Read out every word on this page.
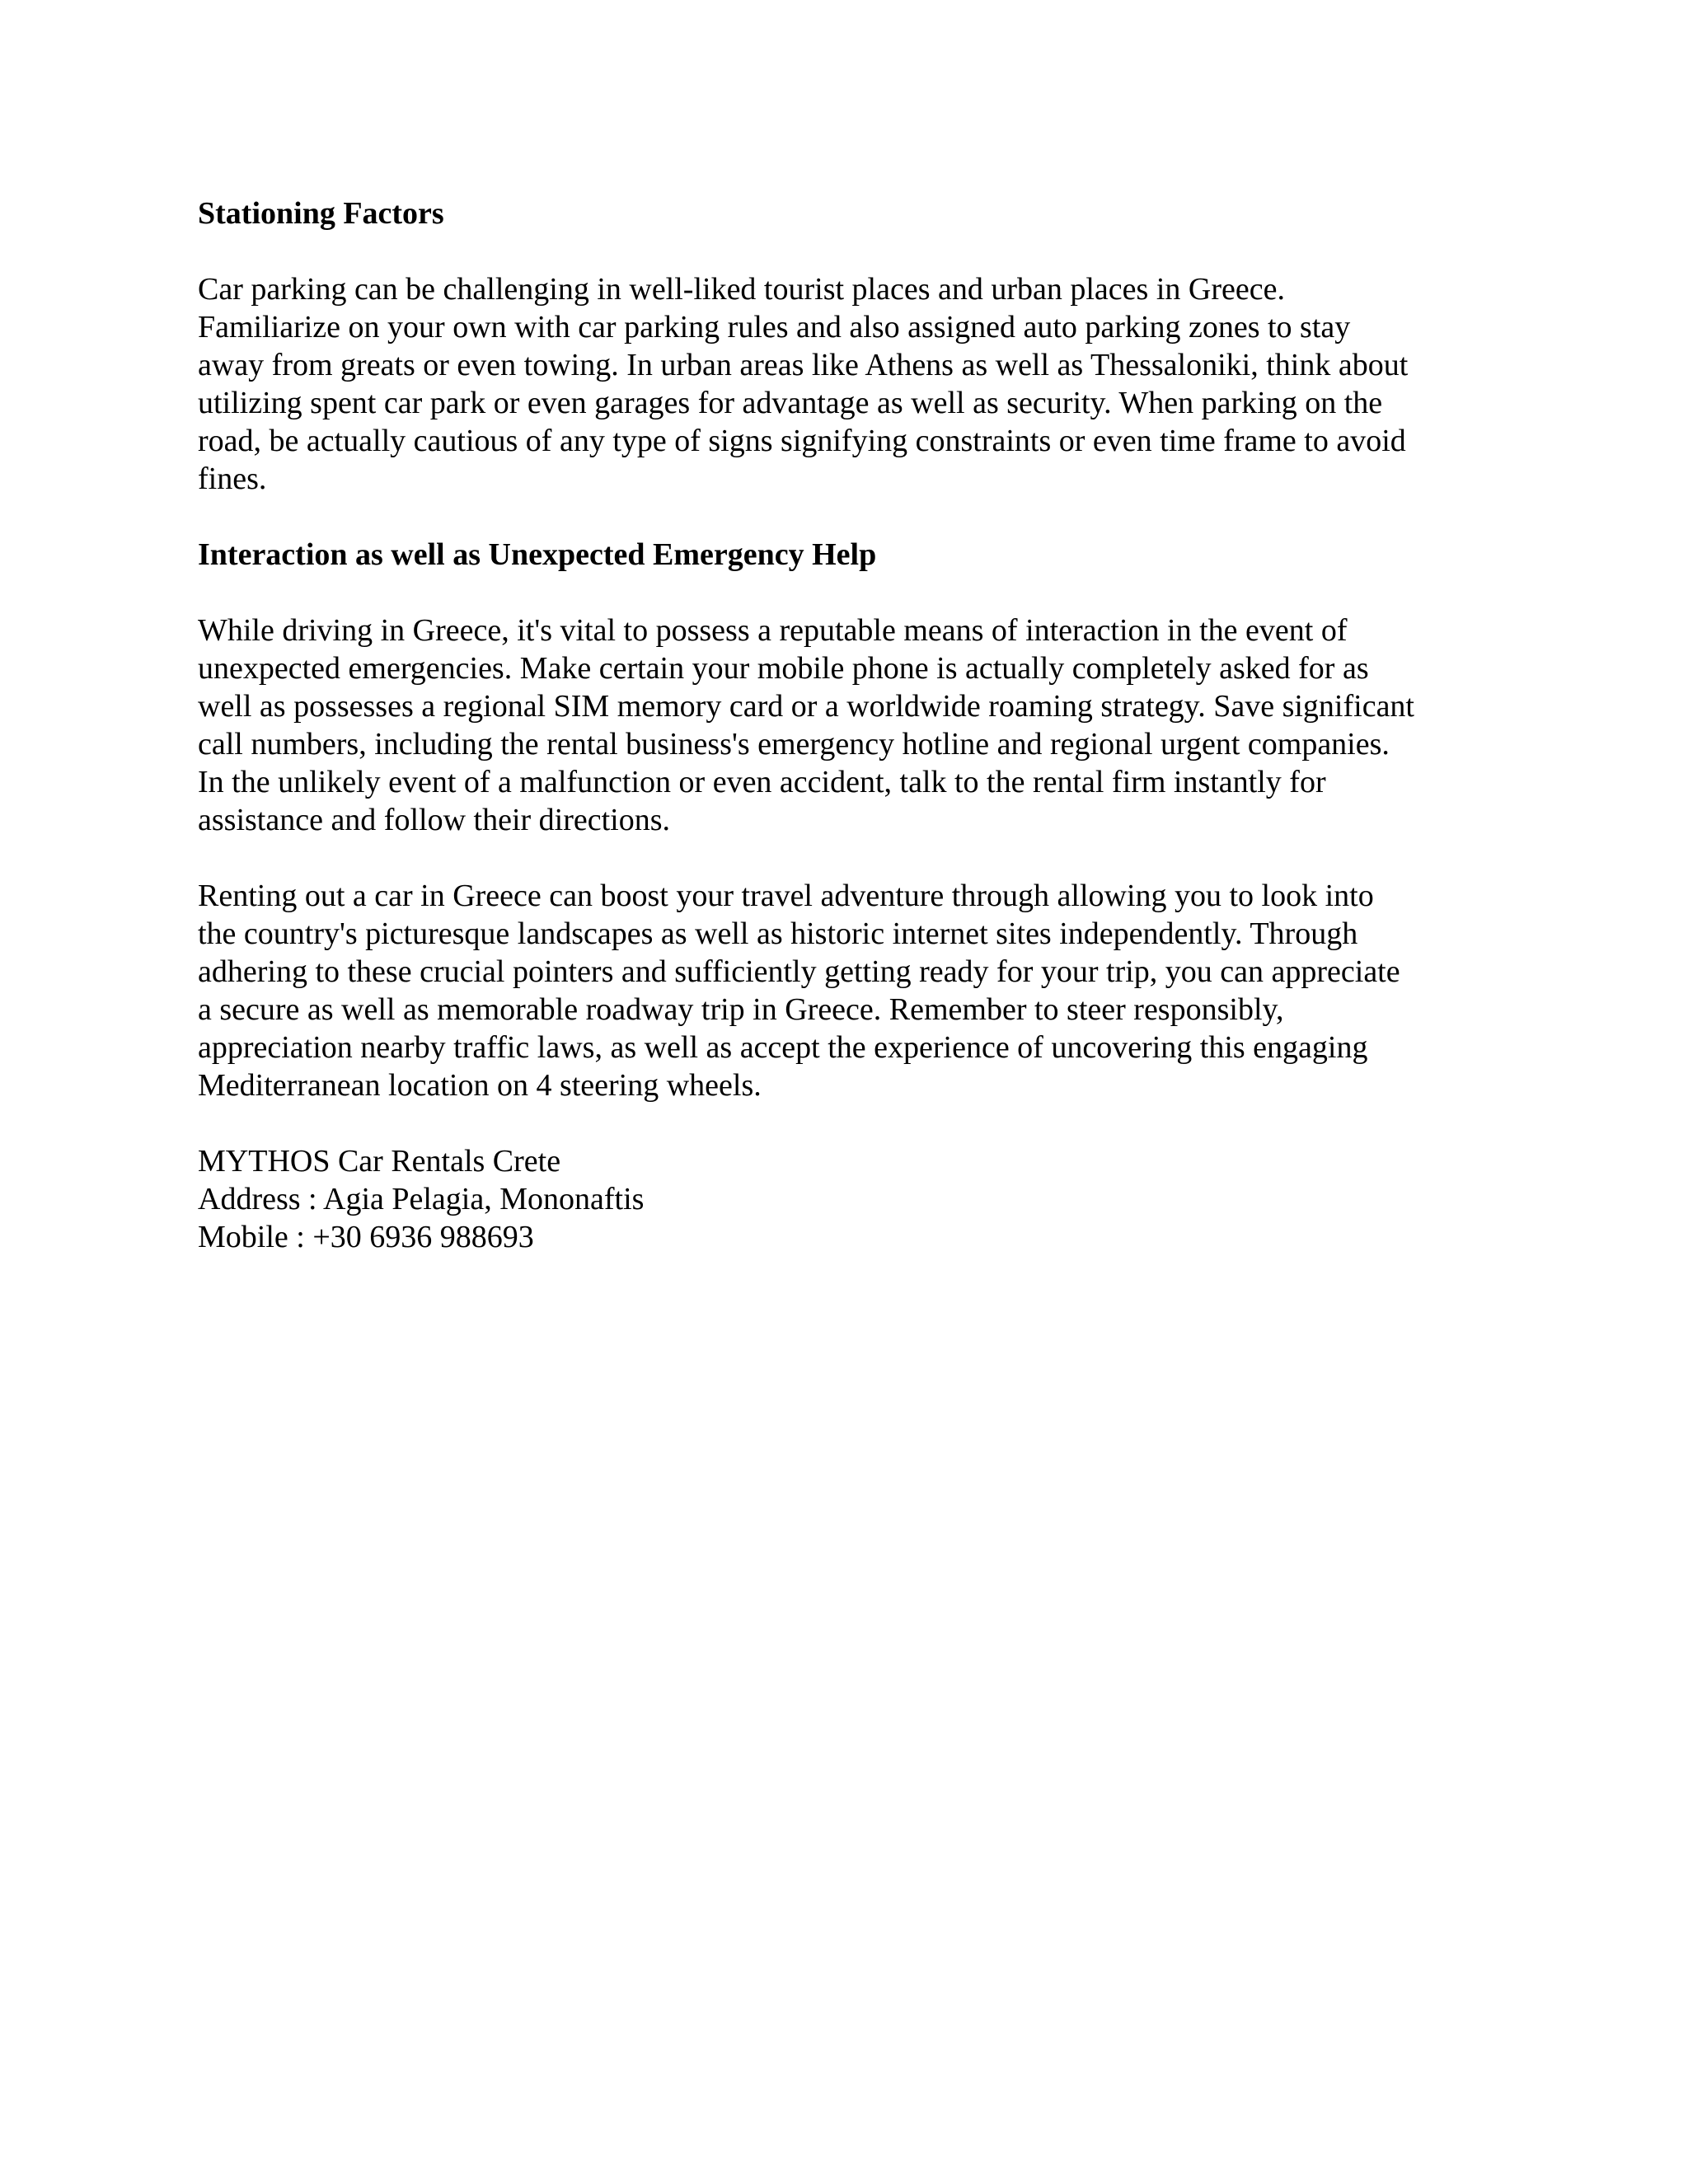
Stationing Factors

Car parking can be challenging in well-liked tourist places and urban places in Greece.

Familiarize on your own with car parking rules and also assigned auto parking zones to stay

away from greats or even towing. In urban areas like Athens as well as Thessaloniki, think about

utilizing spent car park or even garages for advantage as well as security. When parking on the

road, be actually cautious of any type of signs signifying constraints or even time frame to avoid

fines.

Interaction as well as Unexpected Emergency Help

While driving in Greece, it's vital to possess a reputable means of interaction in the event of

unexpected emergencies. Make certain your mobile phone is actually completely asked for as

well as possesses a regional SIM memory card or a worldwide roaming strategy. Save significant

call numbers, including the rental business's emergency hotline and regional urgent companies.

In the unlikely event of a malfunction or even accident, talk to the rental firm instantly for

assistance and follow their directions.

Renting out a car in Greece can boost your travel adventure through allowing you to look into

the country's picturesque landscapes as well as historic internet sites independently. Through

adhering to these crucial pointers and sufficiently getting ready for your trip, you can appreciate

a secure as well as memorable roadway trip in Greece. Remember to steer responsibly,

appreciation nearby traffic laws, as well as accept the experience of uncovering this engaging

Mediterranean location on 4 steering wheels.

MYTHOS Car Rentals Crete

Address : Agia Pelagia, Mononaftis

Mobile : +30 6936 988693
